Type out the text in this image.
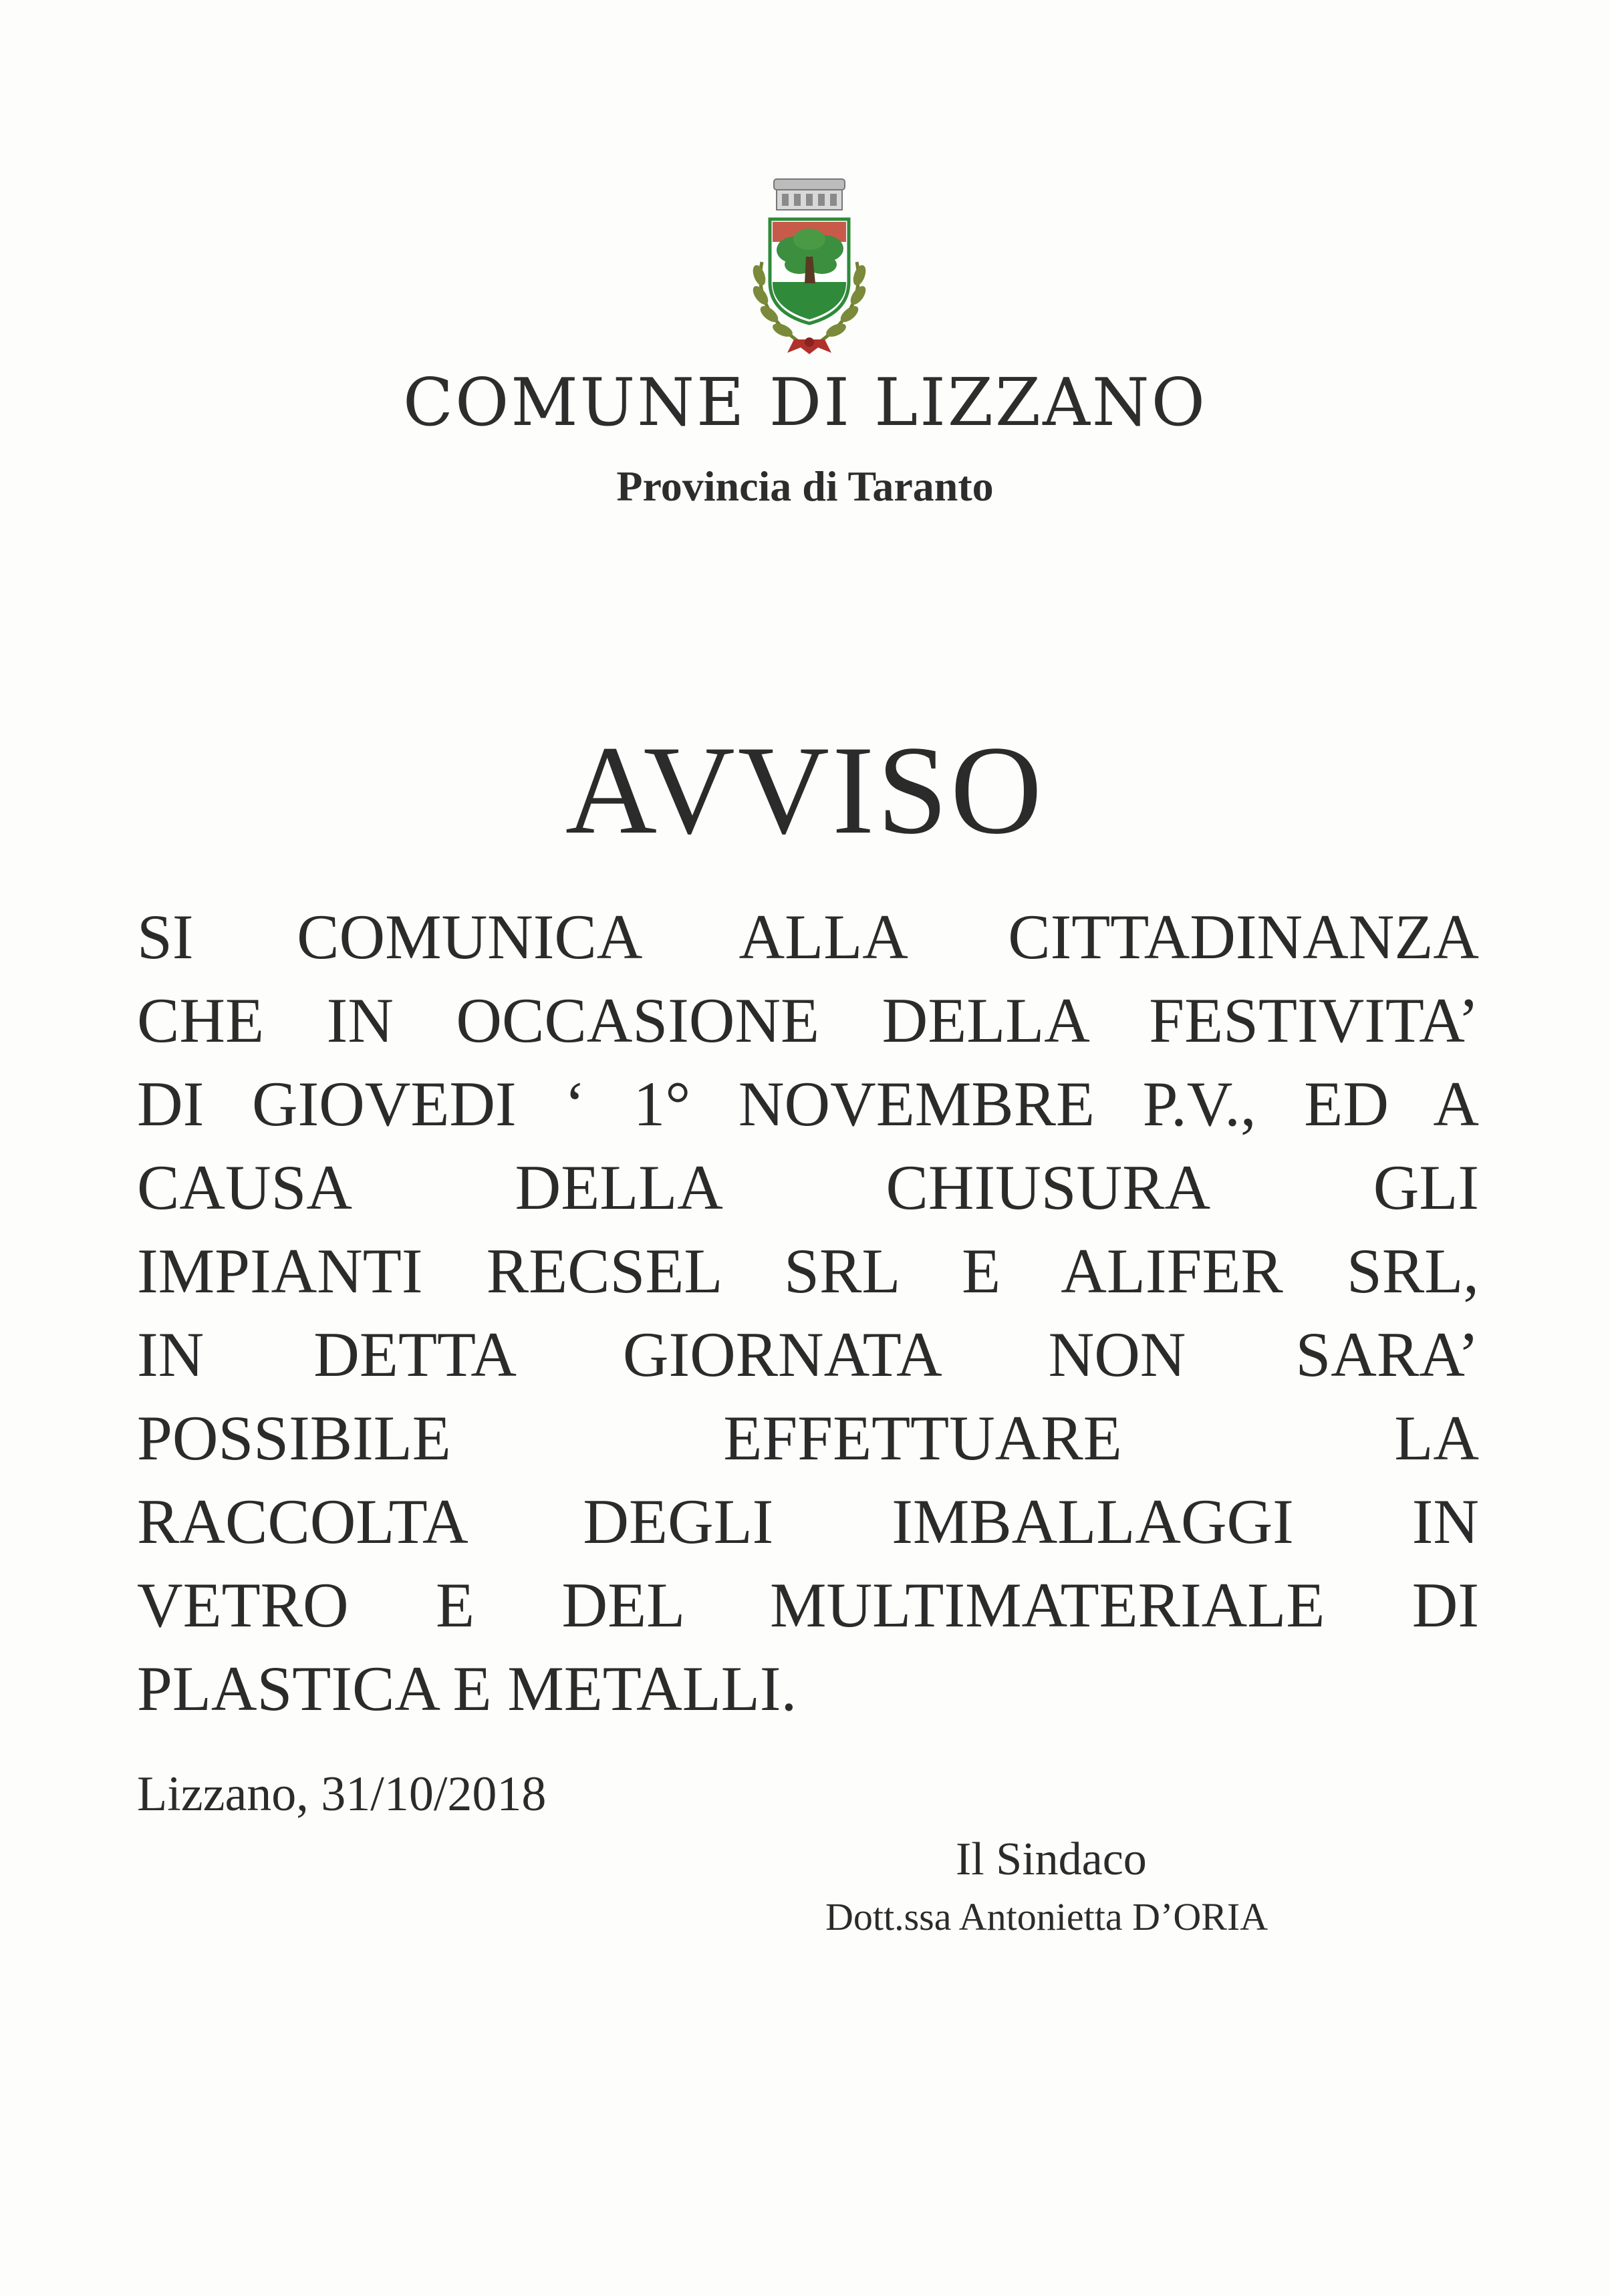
COMUNE DI LIZZANO
Provincia di Taranto
AVVISO
SI COMUNICA ALLA CITTADINANZA
CHE IN OCCASIONE DELLA FESTIVITA’
DI GIOVEDI ‘ 1° NOVEMBRE P.V., ED A
CAUSA DELLA CHIUSURA GLI
IMPIANTI RECSEL SRL E ALIFER SRL,
IN DETTA GIORNATA NON SARA’
POSSIBILE EFFETTUARE LA
RACCOLTA DEGLI IMBALLAGGI IN
VETRO E DEL MULTIMATERIALE DI
PLASTICA E METALLI.
Lizzano, 31/10/2018
Il Sindaco
Dott.ssa Antonietta D’ORIA
